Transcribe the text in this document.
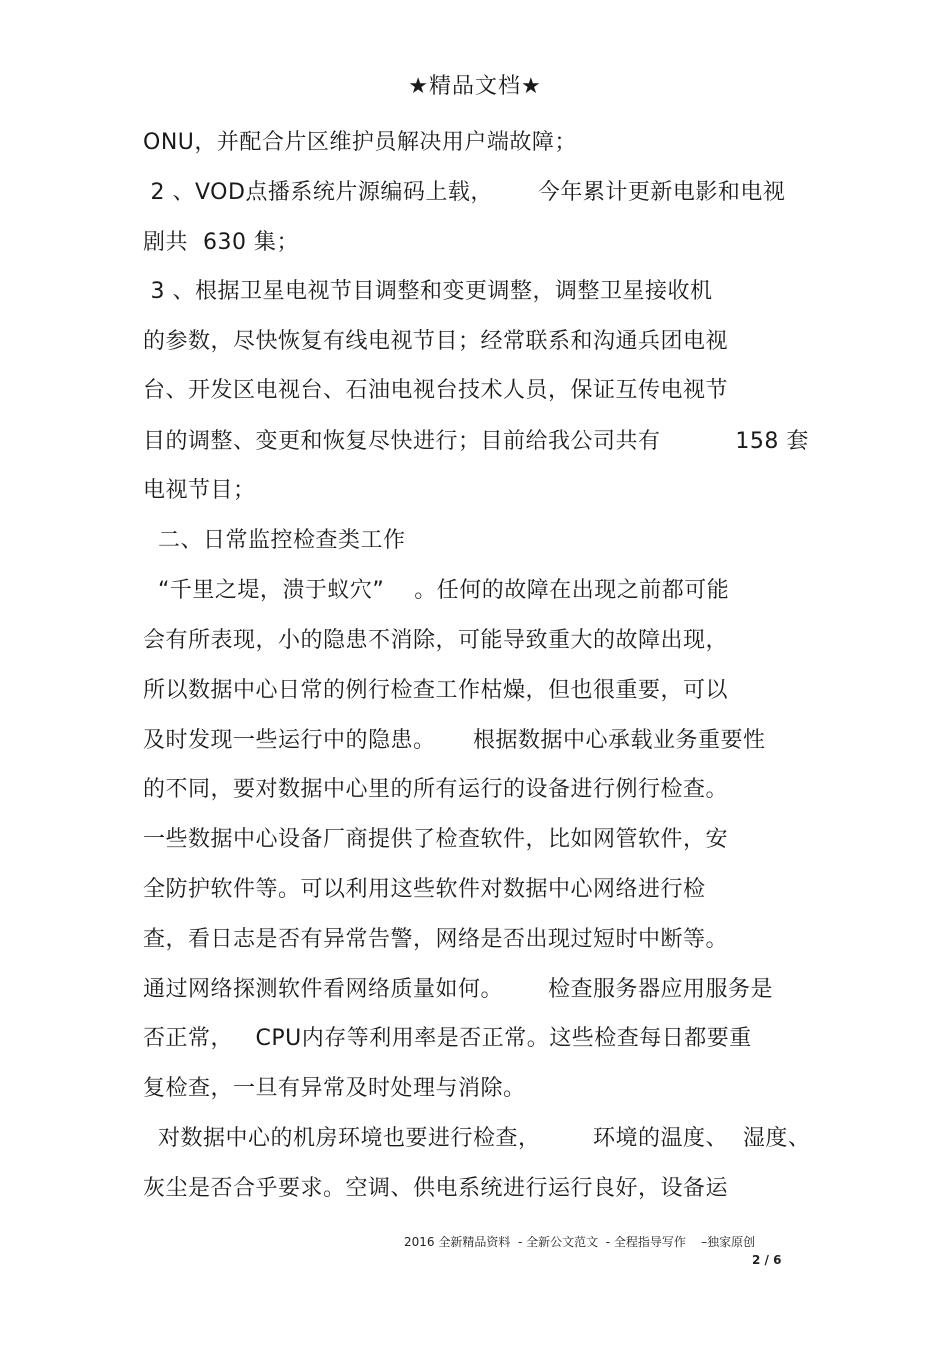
★精品文档★
ONU，并配合片区维护员解决用户端故障；
2 、VOD点播系统片源编码上载，      今年累计更新电影和电视
剧共  630 集；
3 、根据卫星电视节目调整和变更调整，调整卫星接收机
的参数，尽快恢复有线电视节目；经常联系和沟通兵团电视
台、开发区电视台、石油电视台技术人员，保证互传电视节
目的调整、变更和恢复尽快进行；目前给我公司共有          158 套
电视节目；
二、日常监控检查类工作
“千里之堤，溃于蚁穴”    。任何的故障在出现之前都可能
会有所表现，小的隐患不消除，可能导致重大的故障出现，
所以数据中心日常的例行检查工作枯燥，但也很重要，可以
及时发现一些运行中的隐患。     根据数据中心承载业务重要性
的不同，要对数据中心里的所有运行的设备进行例行检查。
一些数据中心设备厂商提供了检查软件，比如网管软件，安
全防护软件等。可以利用这些软件对数据中心网络进行检
查，看日志是否有异常告警，网络是否出现过短时中断等。
通过网络探测软件看网络质量如何。      检查服务器应用服务是
否正常，   CPU内存等利用率是否正常。这些检查每日都要重
复检查，一旦有异常及时处理与消除。
对数据中心的机房环境也要进行检查，       环境的温度、  湿度、
灰尘是否合乎要求。空调、供电系统进行运行良好，设备运
2016 全新精品资料  - 全新公文范文  - 全程指导写作    –独家原创
2 / 6
